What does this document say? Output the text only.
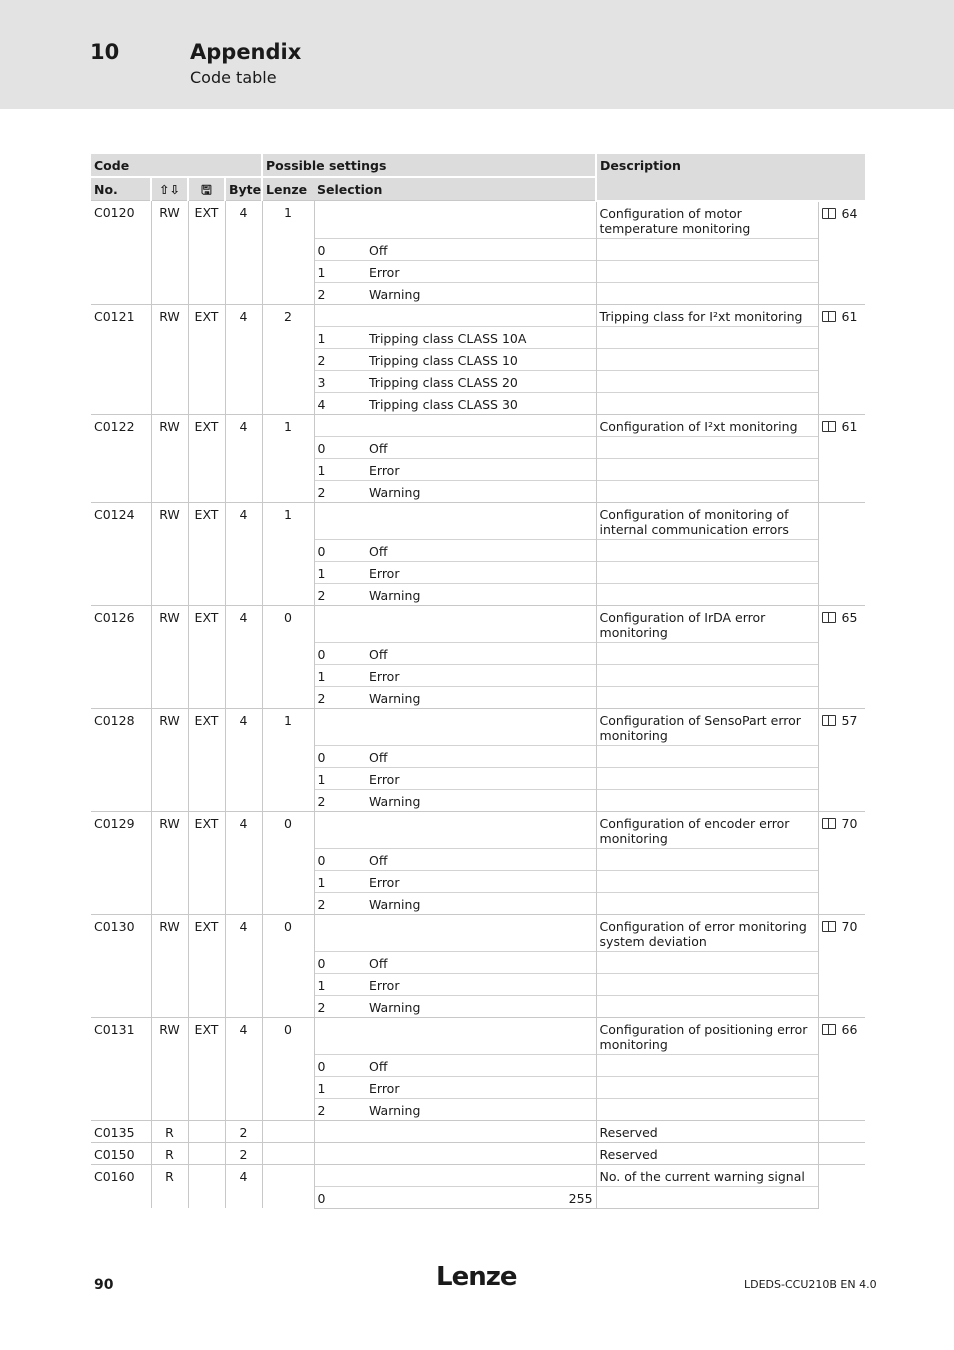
10	Appendix
Code table
Code				Possible settings			Description	
No.	⇧⇩	🖫	Byte	Lenze	Selection			
C0120	RW	EXT	4	1			Configuration of motor temperature monitoring	64
					0	Off		
					1	Error		
					2	Warning		
C0121	RW	EXT	4	2			Tripping class for I²xt monitoring	61
					1	Tripping class CLASS 10A		
					2	Tripping class CLASS 10		
					3	Tripping class CLASS 20		
					4	Tripping class CLASS 30		
C0122	RW	EXT	4	1			Configuration of I²xt monitoring	61
					0	Off		
					1	Error		
					2	Warning		
C0124	RW	EXT	4	1			Configuration of monitoring of internal communication errors	
					0	Off		
					1	Error		
					2	Warning		
C0126	RW	EXT	4	0			Configuration of IrDA error monitoring	65
					0	Off		
					1	Error		
					2	Warning		
C0128	RW	EXT	4	1			Configuration of SensoPart error monitoring	57
					0	Off		
					1	Error		
					2	Warning		
C0129	RW	EXT	4	0			Configuration of encoder error monitoring	70
					0	Off		
					1	Error		
					2	Warning		
C0130	RW	EXT	4	0			Configuration of error monitoring system deviation	70
					0	Off		
					1	Error		
					2	Warning		
C0131	RW	EXT	4	0			Configuration of positioning error monitoring	66
					0	Off		
					1	Error		
					2	Warning		
C0135	R		2				Reserved	
C0150	R		2				Reserved	
C0160	R		4				No. of the current warning signal	
					0	255		
90	Lenze	LDEDS-CCU210B EN 4.0
